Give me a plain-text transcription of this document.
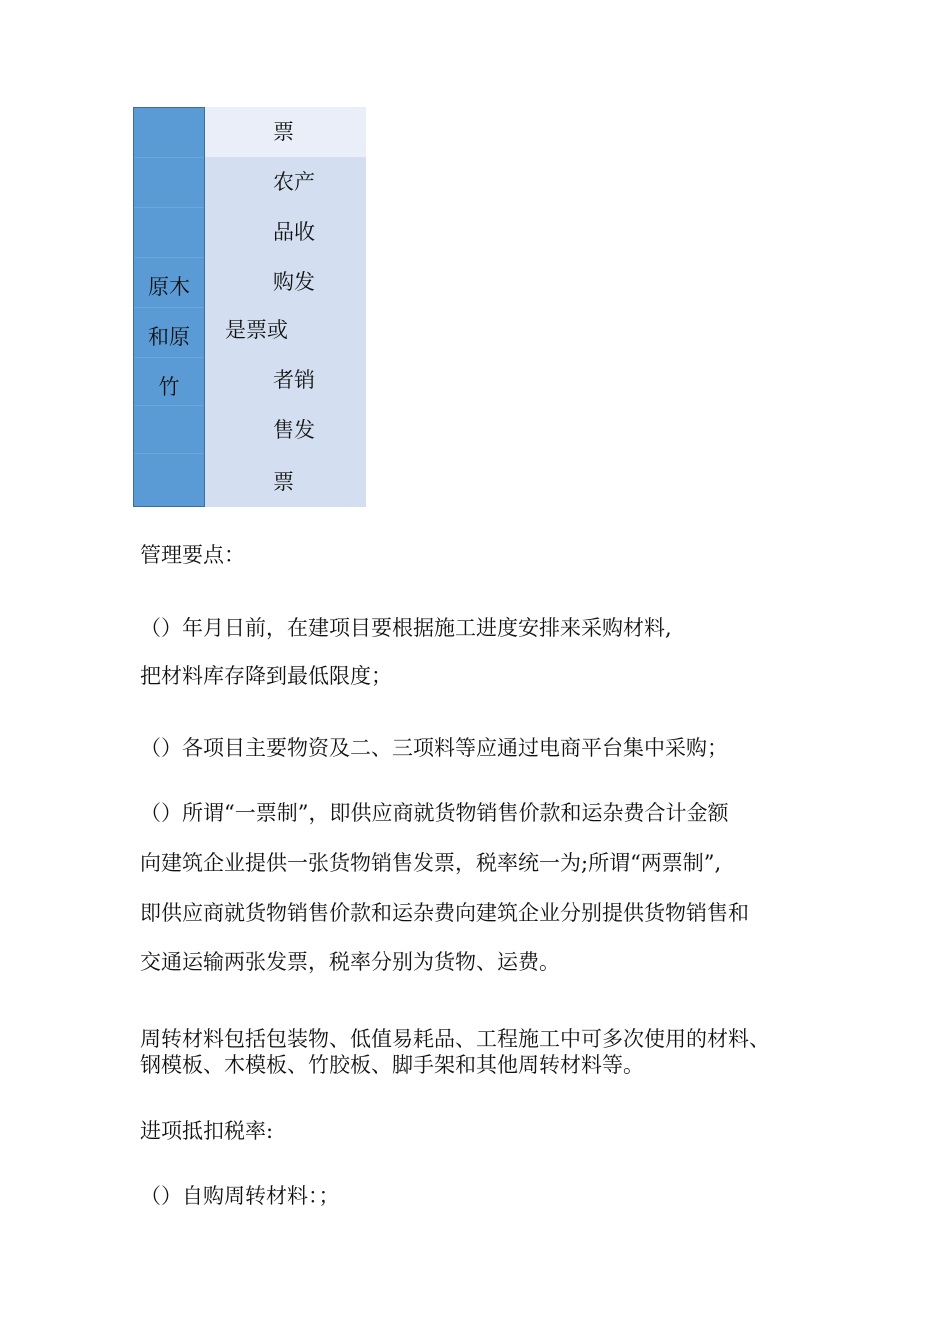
原木
和原
竹
票
农产
品收
购发
是票或
者销
售发
票
管理要点：
（）年月日前，在建项目要根据施工进度安排来采购材料,
把材料库存降到最低限度；
（）各项目主要物资及二、三项料等应通过电商平台集中采购；
（）所谓“一票制”，即供应商就货物销售价款和运杂费合计金额
向建筑企业提供一张货物销售发票，税率统一为;所谓“两票制”,
即供应商就货物销售价款和运杂费向建筑企业分别提供货物销售和
交通运输两张发票，税率分别为货物、运费。
周转材料包括包装物、低值易耗品、工程施工中可多次使用的材料、
钢模板、木模板、竹胶板、脚手架和其他周转材料等。
进项抵扣税率:
（）自购周转材料：；
